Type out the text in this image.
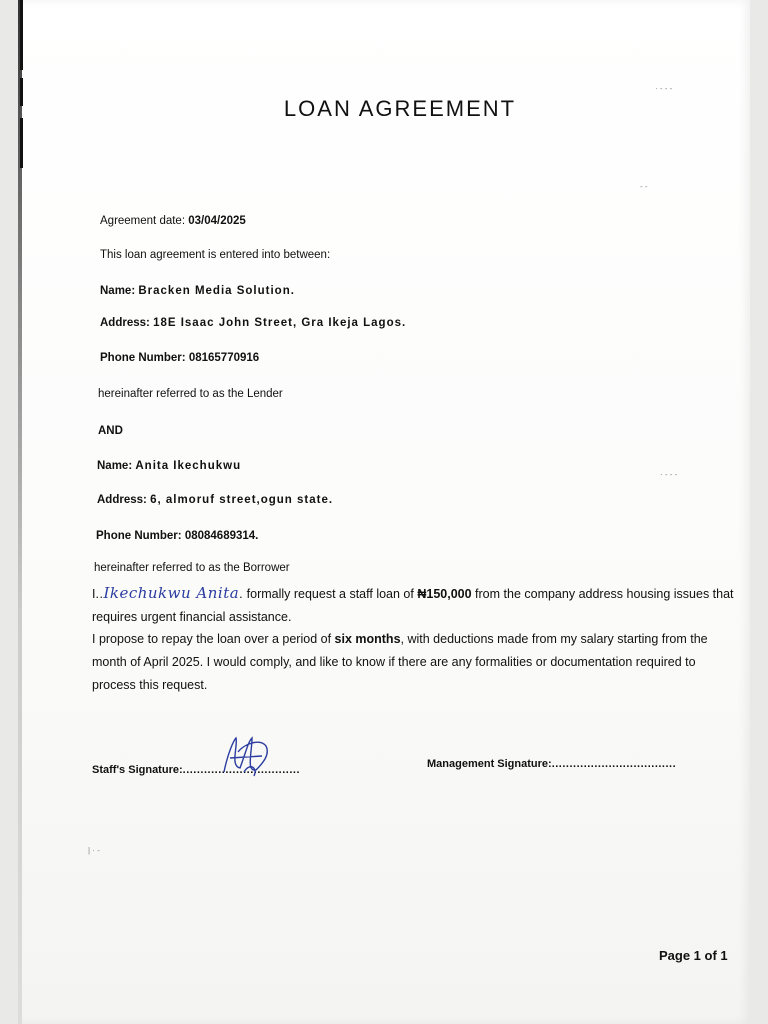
LOAN AGREEMENT
Agreement date: 03/04/2025
This loan agreement is entered into between:
Name: Bracken Media Solution.
Address: 18E Isaac John Street, Gra Ikeja Lagos.
Phone Number: 08165770916
hereinafter referred to as the Lender
AND
Name: Anita Ikechukwu
Address: 6, almoruf street,ogun state.
Phone Number: 08084689314.
hereinafter referred to as the Borrower
I..Ikechukwu Anita. formally request a staff loan of ₦150,000 from the company address housing issues that requires urgent financial assistance.
I propose to repay the loan over a period of six months, with deductions made from my salary starting from the month of April 2025. I would comply, and like to know if there are any formalities or documentation required to process this request.
Staff's Signature:.................................	Management Signature:...................................
· - - -
- -
· - - -
| · -
Page 1 of 1
